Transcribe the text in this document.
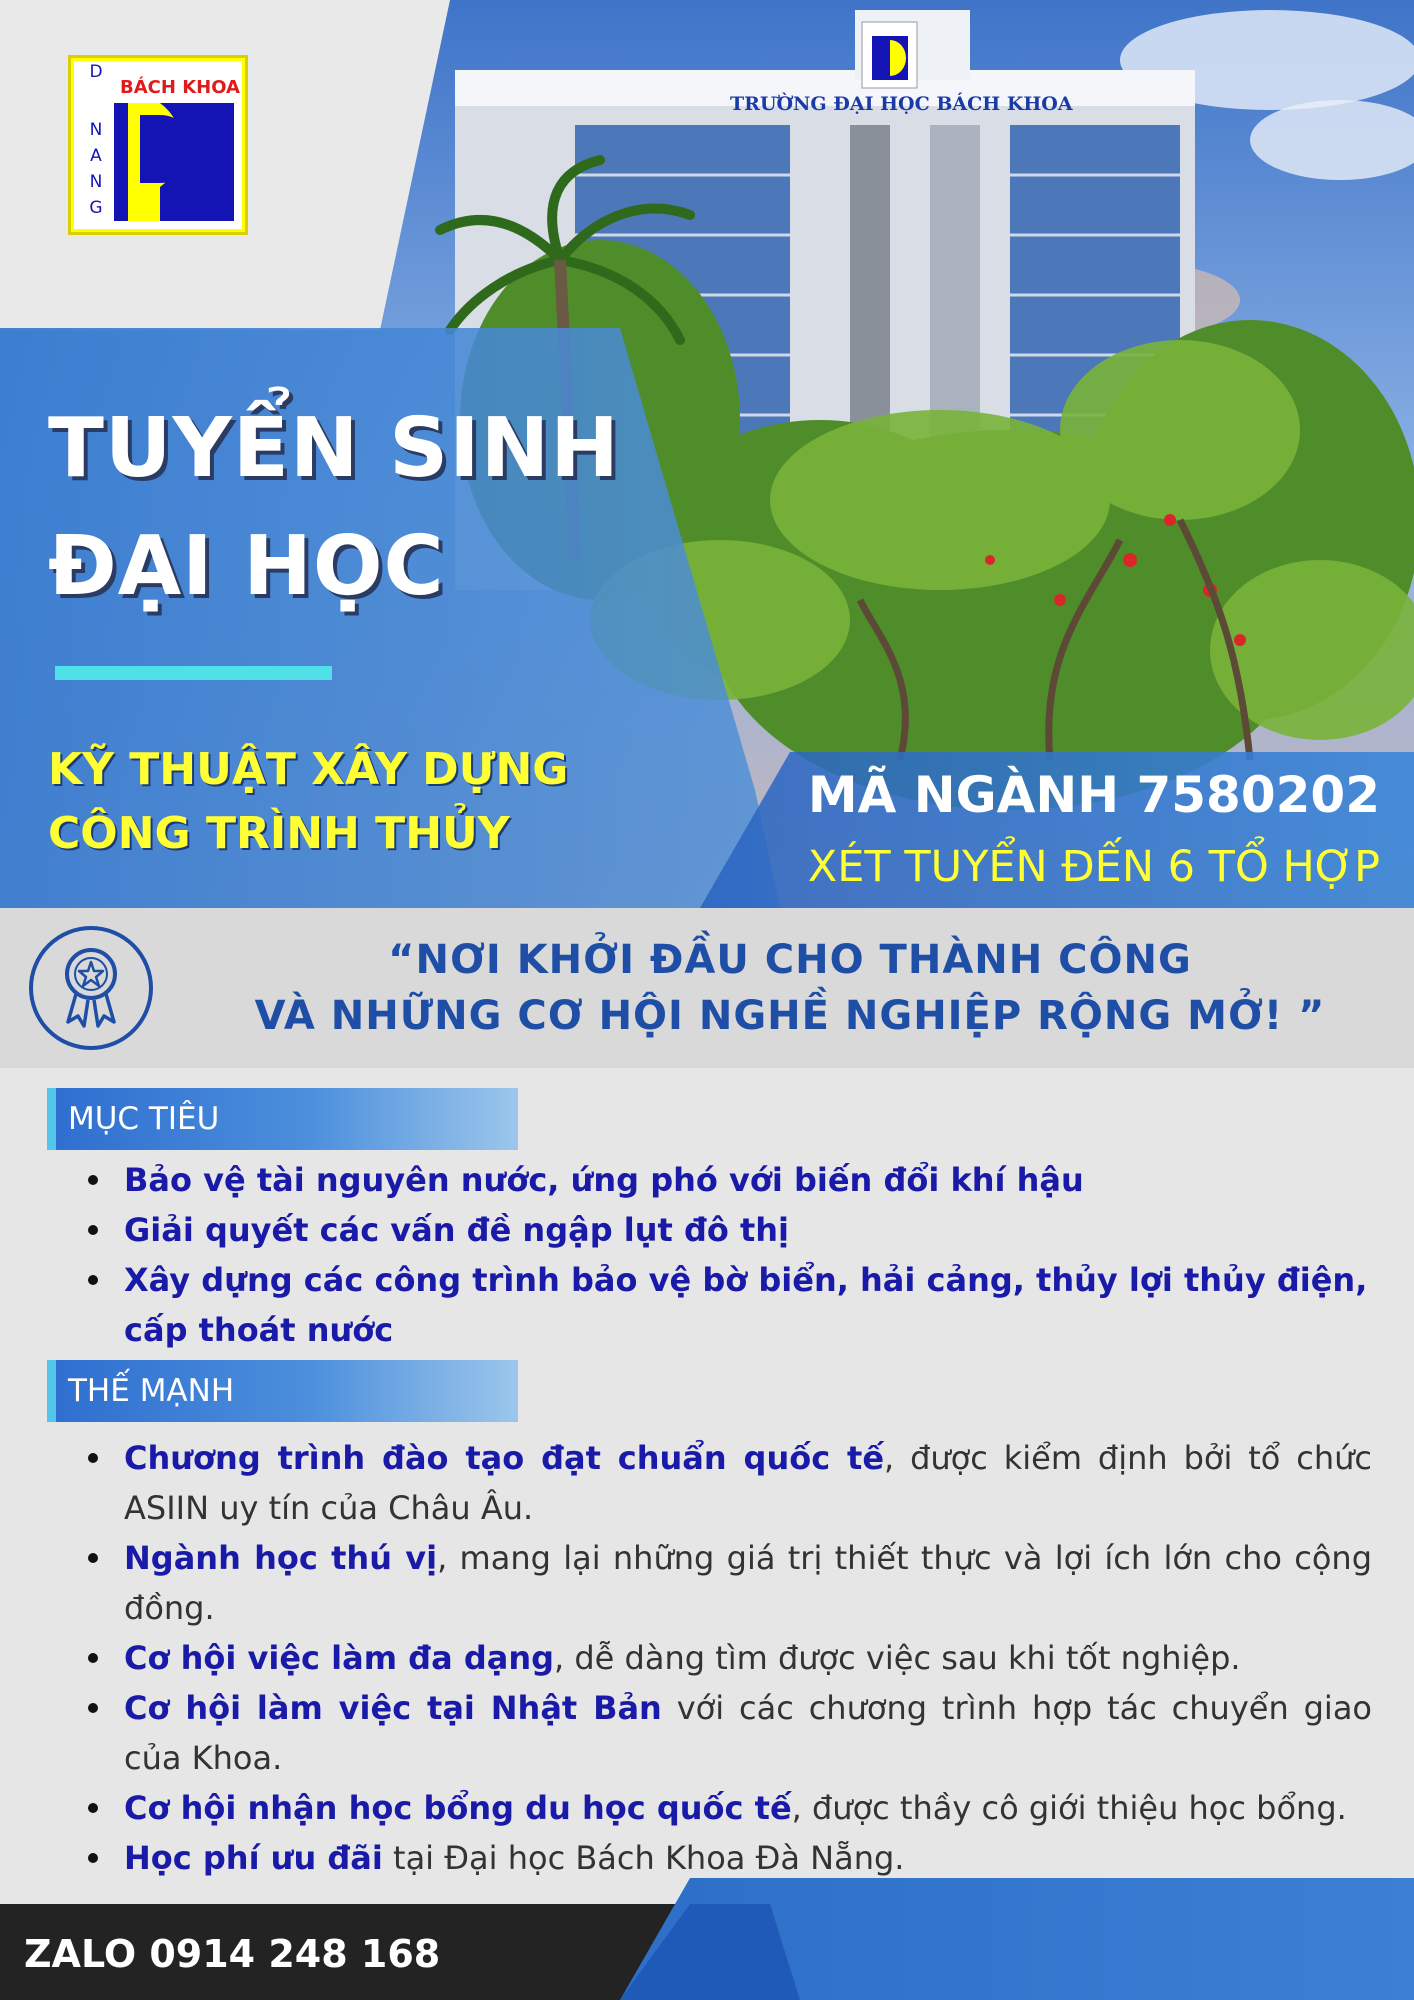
TRƯỜNG ĐẠI HỌC BÁCH KHOA
BÁCH KHOA
D
N
A
N
G
TUYỂN SINH
ĐẠI HỌC
KỸ THUẬT XÂY DỰNG
CÔNG TRÌNH THỦY
MÃ NGÀNH 7580202
XÉT TUYỂN ĐẾN 6 TỔ HỢP
“NƠI KHỞI ĐẦU CHO THÀNH CÔNG
VÀ NHỮNG CƠ HỘI NGHỀ NGHIỆP RỘNG MỞ! ”
MỤC TIÊU
Bảo vệ tài nguyên nước, ứng phó với biến đổi khí hậu
Giải quyết các vấn đề ngập lụt đô thị
Xây dựng các công trình bảo vệ bờ biển, hải cảng, thủy lợi thủy điện, cấp thoát nước
THẾ MẠNH
Chương trình đào tạo đạt chuẩn quốc tế, được kiểm định bởi tổ chức ASIIN uy tín của Châu Âu.
Ngành học thú vị, mang lại những giá trị thiết thực và lợi ích lớn cho cộng đồng.
Cơ hội việc làm đa dạng, dễ dàng tìm được việc sau khi tốt nghiệp.
Cơ hội làm việc tại Nhật Bản với các chương trình hợp tác chuyển giao của Khoa.
Cơ hội nhận học bổng du học quốc tế, được thầy cô giới thiệu học bổng.
Học phí ưu đãi tại Đại học Bách Khoa Đà Nẵng.
ZALO 0914 248 168
